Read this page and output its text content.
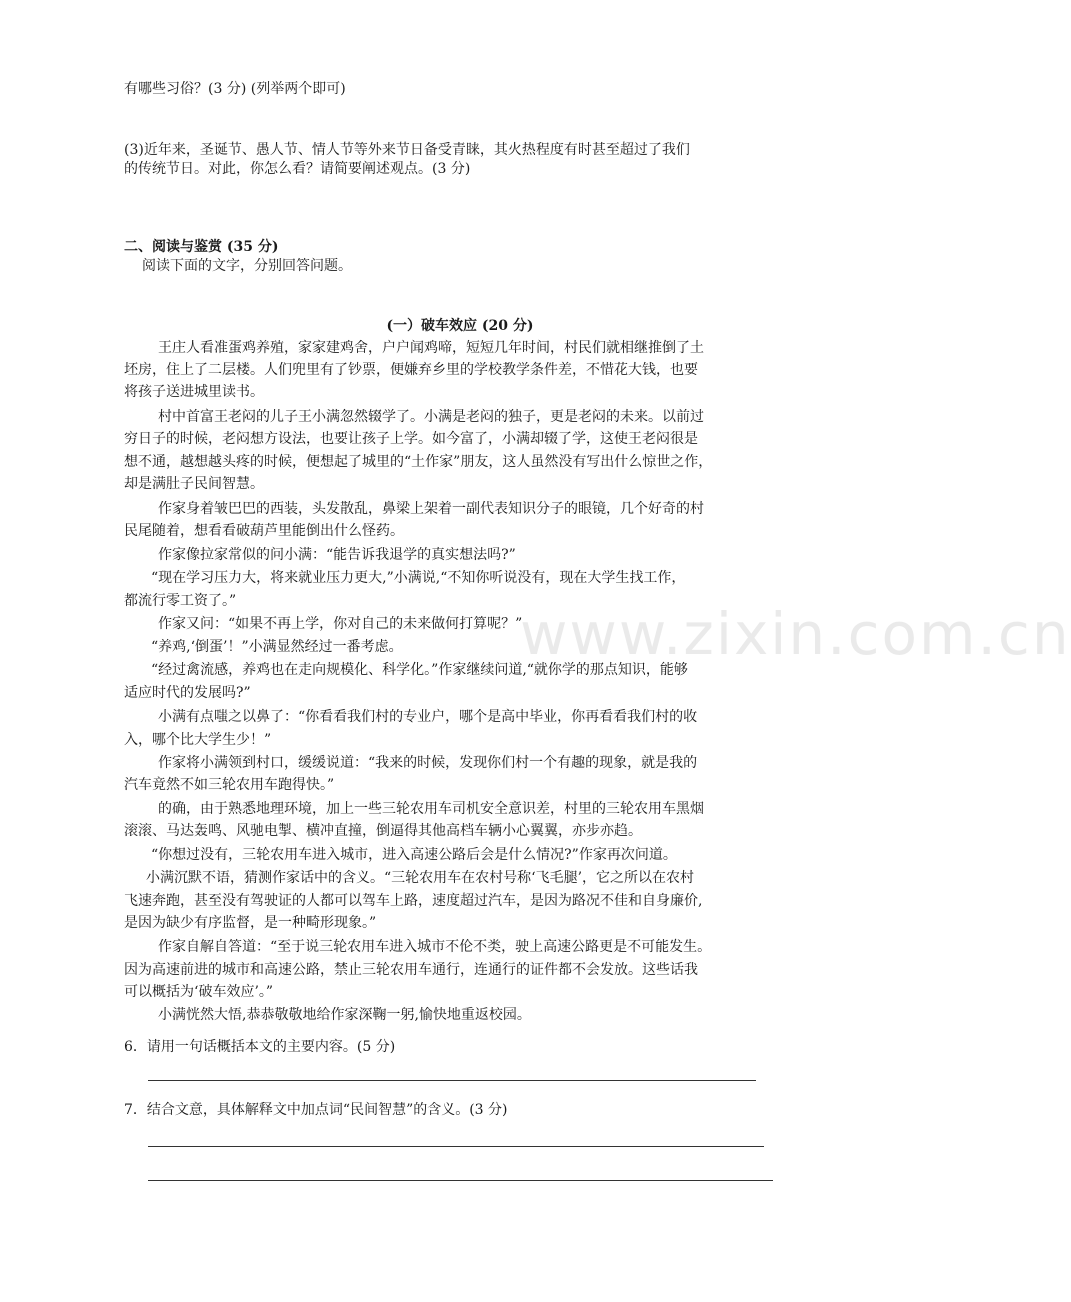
有哪些习俗？(3 分) (列举两个即可)
(3)近年来，圣诞节、愚人节、情人节等外来节日备受青睐，其火热程度有时甚至超过了我们
的传统节日。对此，你怎么看？请简要阐述观点。(3 分)
二、阅读与鉴赏 (35 分)
阅读下面的文字，分别回答问题。
(一）破车效应 (20 分)
王庄人看准蛋鸡养殖，家家建鸡舍，户户闻鸡啼，短短几年时间，村民们就相继推倒了土
坯房，住上了二层楼。人们兜里有了钞票，便嫌弃乡里的学校教学条件差，不惜花大钱，也要
将孩子送进城里读书。
村中首富王老闷的儿子王小满忽然辍学了。小满是老闷的独子，更是老闷的未来。以前过
穷日子的时候，老闷想方设法，也要让孩子上学。如今富了，小满却辍了学，这使王老闷很是
想不通，越想越头疼的时候，便想起了城里的“土作家”朋友，这人虽然没有写出什么惊世之作，
却是满肚子民间智慧。
作家身着皱巴巴的西装，头发散乱，鼻梁上架着一副代表知识分子的眼镜，几个好奇的村
民尾随着，想看看破葫芦里能倒出什么怪药。
作家像拉家常似的问小满：“能告诉我退学的真实想法吗?”
“现在学习压力大，将来就业压力更大,”小满说,“不知你听说没有，现在大学生找工作，
都流行零工资了。”
作家又问：“如果不再上学，你对自己的未来做何打算呢？”
“养鸡,‘倒蛋’！”小满显然经过一番考虑。
“经过禽流感，养鸡也在走向规模化、科学化。”作家继续问道,“就你学的那点知识，能够
适应时代的发展吗?”
小满有点嗤之以鼻了：“你看看我们村的专业户，哪个是高中毕业，你再看看我们村的收
入，哪个比大学生少！”
作家将小满领到村口，缓缓说道：“我来的时候，发现你们村一个有趣的现象，就是我的
汽车竟然不如三轮农用车跑得快。”
的确，由于熟悉地理环境，加上一些三轮农用车司机安全意识差，村里的三轮农用车黑烟
滚滚、马达轰鸣、风驰电掣、横冲直撞，倒逼得其他高档车辆小心翼翼，亦步亦趋。
“你想过没有，三轮农用车进入城市，进入高速公路后会是什么情况?”作家再次问道。
小满沉默不语，猜测作家话中的含义。“三轮农用车在农村号称‘飞毛腿’，它之所以在农村
飞速奔跑，甚至没有驾驶证的人都可以驾车上路，速度超过汽车，是因为路况不佳和自身廉价,
是因为缺少有序监督，是一种畸形现象。”
作家自解自答道：“至于说三轮农用车进入城市不伦不类，驶上高速公路更是不可能发生。
因为高速前进的城市和高速公路，禁止三轮农用车通行，连通行的证件都不会发放。这些话我
可以概括为‘破车效应’。”
小满恍然大悟,恭恭敬敬地给作家深鞠一躬,愉快地重返校园。
6．请用一句话概括本文的主要内容。(5 分)
7．结合文意，具体解释文中加点词“民间智慧”的含义。(3 分)
www.zixin.com.cn
